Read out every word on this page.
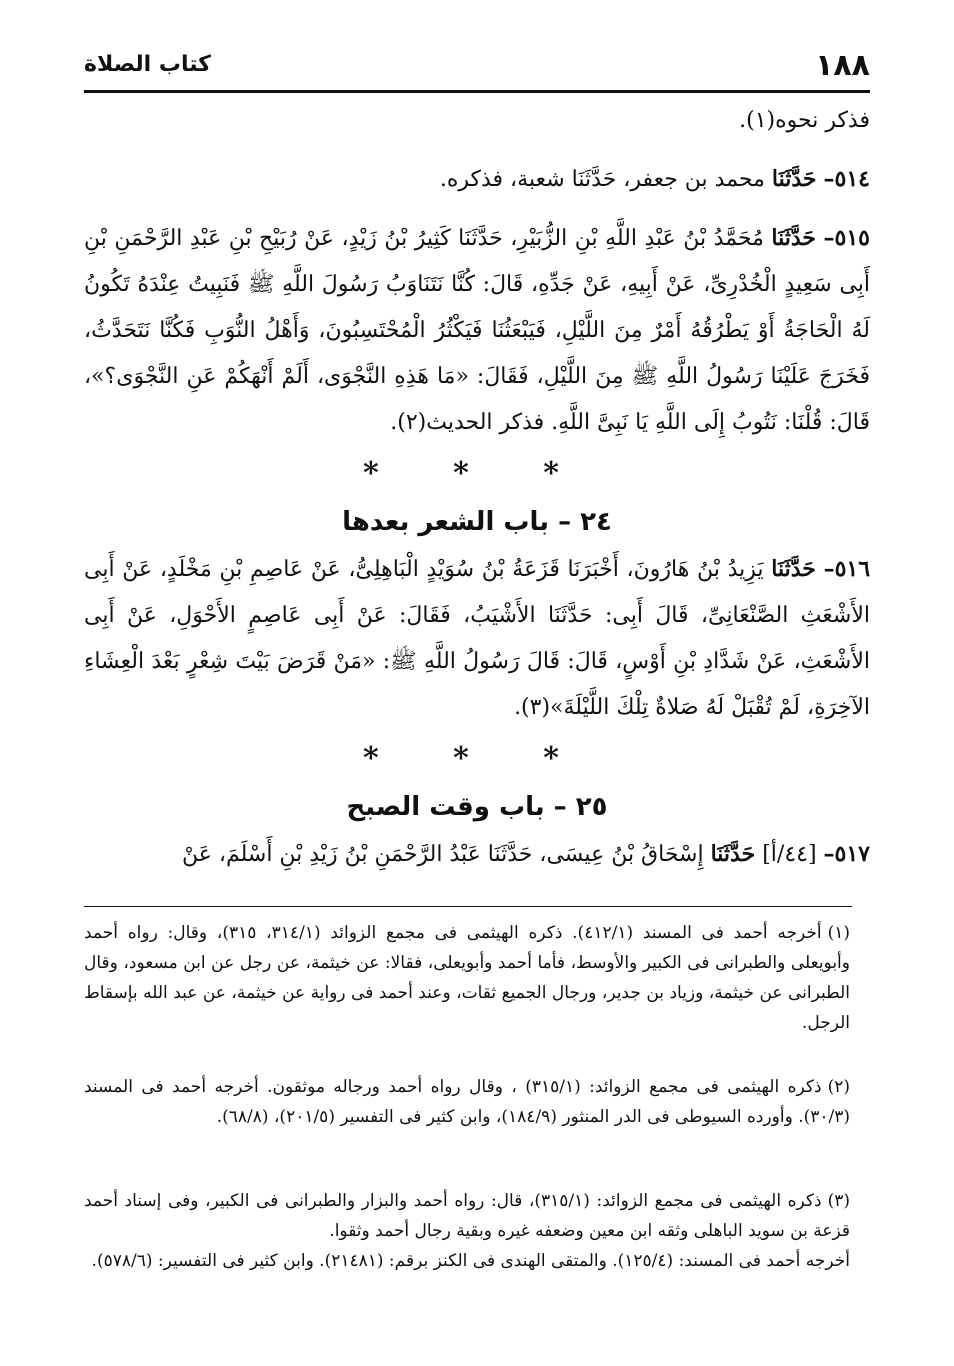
١٨٨
كتاب الصلاة

فذكر نحوه(١).

٥١٤– حَدَّثَنَا محمد بن جعفر، حَدَّثَنَا شعبة، فذكره.

٥١٥– حَدَّثَنَا مُحَمَّدُ بْنُ عَبْدِ اللَّهِ بْنِ الزُّبَيْرِ، حَدَّثَنَا كَثِيرُ بْنُ زَيْدٍ، عَنْ رُبَيْحِ بْنِ عَبْدِ الرَّحْمَنِ بْنِ أَبِى سَعِيدٍ الْخُدْرِىِّ، عَنْ أَبِيهِ، عَنْ جَدِّهِ، قَالَ: كُنَّا نَتَنَاوَبُ رَسُولَ اللَّهِ ﷺ فَنَبِيتُ عِنْدَهُ تَكُونُ لَهُ الْحَاجَةُ أَوْ يَطْرُقُهُ أَمْرٌ مِنَ اللَّيْلِ، فَيَبْعَثُنَا فَيَكْثُرُ الْمُحْتَسِبُونَ، وَأَهْلُ النُّوَبِ فَكُنَّا نَتَحَدَّثُ، فَخَرَجَ عَلَيْنَا رَسُولُ اللَّهِ ﷺ مِنَ اللَّيْلِ، فَقَالَ: «مَا هَذِهِ النَّجْوَى، أَلَمْ أَنْهَكُمْ عَنِ النَّجْوَى؟»، قَالَ: قُلْنَا: نَتُوبُ إِلَى اللَّهِ يَا نَبِىَّ اللَّهِ. فذكر الحديث(٢).

* * *
٢٤ – باب الشعر بعدها

٥١٦– حَدَّثَنَا يَزِيدُ بْنُ هَارُونَ، أَخْبَرَنَا قَزَعَةُ بْنُ سُوَيْدٍ الْبَاهِلِىُّ، عَنْ عَاصِمِ بْنِ مَخْلَدٍ، عَنْ أَبِى الأَشْعَثِ الصَّنْعَانِىِّ، قَالَ أَبِى: حَدَّثَنَا الأَشْيَبُ، فَقَالَ: عَنْ أَبِى عَاصِمٍ الأَحْوَلِ، عَنْ أَبِى الأَشْعَثِ، عَنْ شَدَّادِ بْنِ أَوْسٍ، قَالَ: قَالَ رَسُولُ اللَّهِ ﷺ: «مَنْ قَرَضَ بَيْتَ شِعْرٍ بَعْدَ الْعِشَاءِ الآخِرَةِ، لَمْ تُقْبَلْ لَهُ صَلاةٌ تِلْكَ اللَّيْلَةَ»(٣).

* * *
٢٥ – باب وقت الصبح

٥١٧– [٤٤/أ] حَدَّثَنَا إِسْحَاقُ بْنُ عِيسَى، حَدَّثَنَا عَبْدُ الرَّحْمَنِ بْنُ زَيْدِ بْنِ أَسْلَمَ، عَنْ

(١)أخرجه أحمد فى المسند (٤١٢/١). ذكره الهيثمى فى مجمع الزوائد (٣١٤/١، ٣١٥)، وقال: رواه أحمد وأبويعلى والطبرانى فى الكبير والأوسط، فأما أحمد وأبويعلى، فقالا: عن خيثمة، عن رجل عن ابن مسعود، وقال الطبرانى عن خيثمة، وزياد بن جدير، ورجال الجميع ثقات، وعند أحمد فى رواية عن خيثمة، عن عبد الله بإسقاط الرجل.

(٢)ذكره الهيثمى فى مجمع الزوائد: (٣١٥/١) ، وقال رواه أحمد ورجاله موثقون. أخرجه أحمد فى المسند (٣٠/٣). وأورده السيوطى فى الدر المنثور (١٨٤/٩)، وابن كثير فى التفسير (٢٠١/٥)، (٦٨/٨).

(٣)ذكره الهيثمى فى مجمع الزوائد: (٣١٥/١)، قال: رواه أحمد والبزار والطبرانى فى الكبير، وفى إسناد أحمد قزعة بن سويد الباهلى وثقه ابن معين وضعفه غيره وبقية رجال أحمد وثقوا.

أخرجه أحمد فى المسند: (١٢٥/٤). والمتقى الهندى فى الكنز برقم: (٢١٤٨١). وابن كثير فى التفسير: (٥٧٨/٦).
